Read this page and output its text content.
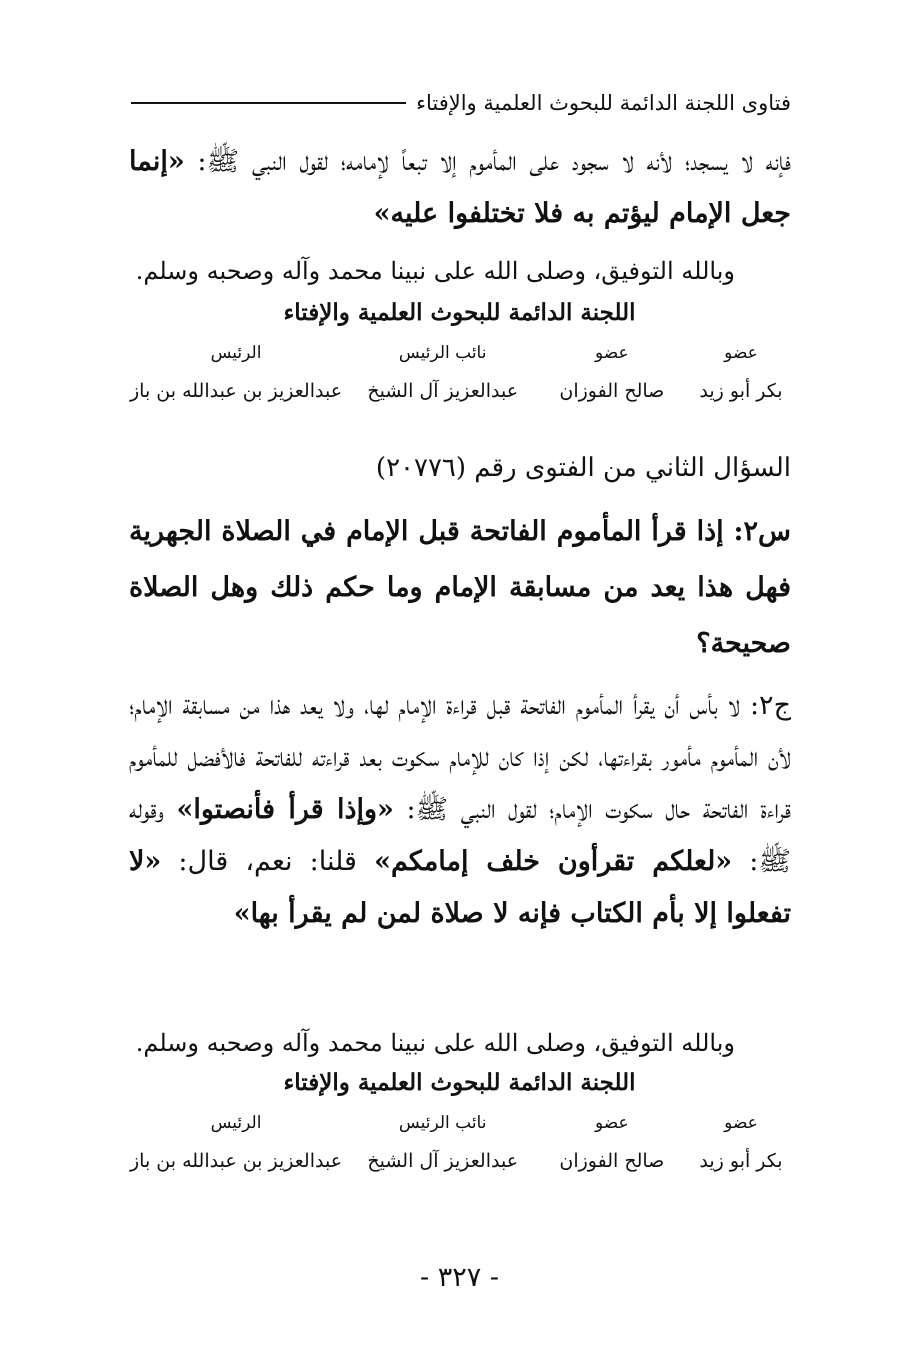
فتاوى اللجنة الدائمة للبحوث العلمية والإفتاء

فإنه لا يسجد؛ لأنه لا سجود على المأموم إلا تبعاً لإمامه؛ لقول النبي ﷺ: «إنما جعل الإمام ليؤتم به فلا تختلفوا عليه»

وبالله التوفيق، وصلى الله على نبينا محمد وآله وصحبه وسلم.

اللجنة الدائمة للبحوث العلمية والإفتاء

عضو
عضو
نائب الرئيس
الرئيس
بكر أبو زيد
صالح الفوزان
عبدالعزيز آل الشيخ
عبدالعزيز بن عبدالله بن باز

السؤال الثاني من الفتوى رقم (٢٠٧٧٦)

س٢: إذا قرأ المأموم الفاتحة قبل الإمام في الصلاة الجهرية فهل هذا يعد من مسابقة الإمام وما حكم ذلك وهل الصلاة صحيحة؟

ج٢: لا بأس أن يقرأ المأموم الفاتحة قبل قراءة الإمام لها، ولا يعد هذا من مسابقة الإمام؛ لأن المأموم مأمور بقراءتها، لكن إذا كان للإمام سكوت بعد قراءته للفاتحة فالأفضل للمأموم قراءة الفاتحة حال سكوت الإمام؛ لقول النبي ﷺ: «وإذا قرأ فأنصتوا» وقوله ﷺ: «لعلكم تقرأون خلف إمامكم» قلنا: نعم، قال: «لا تفعلوا إلا بأم الكتاب فإنه لا صلاة لمن لم يقرأ بها»

وبالله التوفيق، وصلى الله على نبينا محمد وآله وصحبه وسلم.

اللجنة الدائمة للبحوث العلمية والإفتاء

عضو
عضو
نائب الرئيس
الرئيس
بكر أبو زيد
صالح الفوزان
عبدالعزيز آل الشيخ
عبدالعزيز بن عبدالله بن باز
- ٣٢٧ -
